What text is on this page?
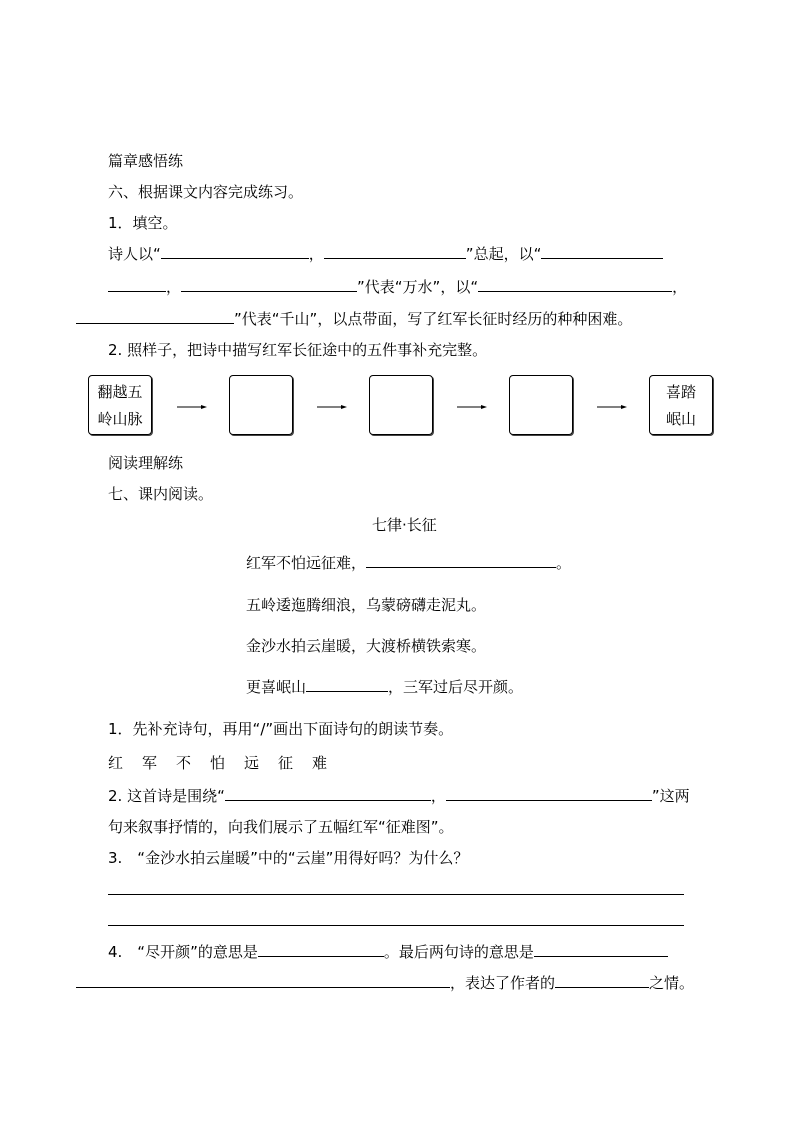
篇章感悟练
六、根据课文内容完成练习。
1．填空。
诗人以“	，	”总起，以“
，	”代表“万水”，以“	，
”代表“千山”，以点带面，写了红军长征时经历的种种困难。
2. 照样子，把诗中描写红军长征途中的五件事补充完整。
翻越五
岭山脉
喜踏
岷山
阅读理解练
七、课内阅读。
七律·长征
红军不怕远征难，	。
五岭逶迤腾细浪，乌蒙磅礴走泥丸。
金沙水拍云崖暖，大渡桥横铁索寒。
更喜岷山	，三军过后尽开颜。
1．先补充诗句，再用“/”画出下面诗句的朗读节奏。
红 军 不 怕 远 征 难
2. 这首诗是围绕“	，	”这两
句来叙事抒情的，向我们展示了五幅红军“征难图”。
3.　“金沙水拍云崖暖”中的“云崖”用得好吗？为什么？
4.　“尽开颜”的意思是	。最后两句诗的意思是
，表达了作者的	之情。
